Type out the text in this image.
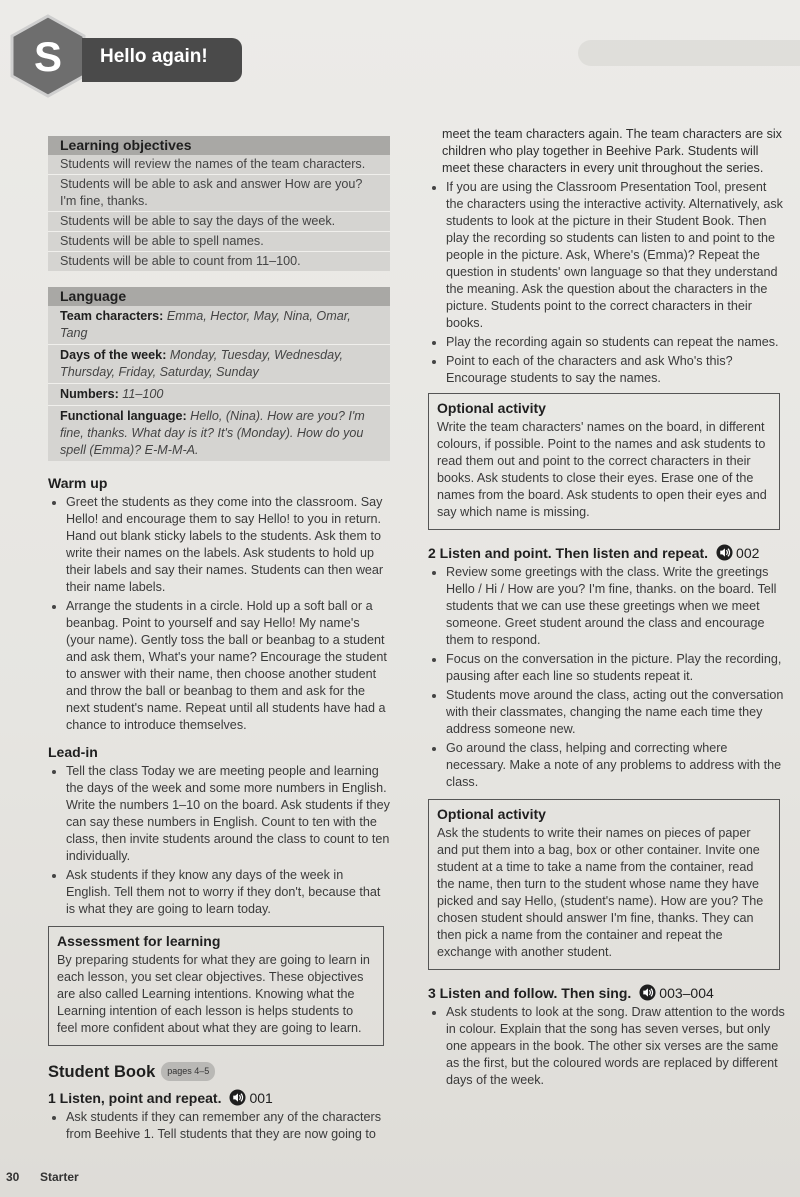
S Hello again!
Learning objectives
Students will review the names of the team characters.
Students will be able to ask and answer How are you? I'm fine, thanks.
Students will be able to say the days of the week.
Students will be able to spell names.
Students will be able to count from 11–100.
Language
Team characters: Emma, Hector, May, Nina, Omar, Tang
Days of the week: Monday, Tuesday, Wednesday, Thursday, Friday, Saturday, Sunday
Numbers: 11–100
Functional language: Hello, (Nina). How are you? I'm fine, thanks. What day is it? It's (Monday). How do you spell (Emma)? E-M-M-A.
Warm up
• Greet the students as they come into the classroom. Say Hello! and encourage them to say Hello! to you in return. Hand out blank sticky labels to the students. Ask them to write their names on the labels. Ask students to hold up their labels and say their names. Students can then wear their name labels.
• Arrange the students in a circle. Hold up a soft ball or a beanbag. Point to yourself and say Hello! My name's (your name). Gently toss the ball or beanbag to a student and ask them, What's your name? Encourage the student to answer with their name, then choose another student and throw the ball or beanbag to them and ask for the next student's name. Repeat until all students have had a chance to introduce themselves.
Lead-in
• Tell the class Today we are meeting people and learning the days of the week and some more numbers in English. Write the numbers 1–10 on the board. Ask students if they can say these numbers in English. Count to ten with the class, then invite students around the class to count to ten individually.
• Ask students if they know any days of the week in English. Tell them not to worry if they don't, because that is what they are going to learn today.
Assessment for learning

By preparing students for what they are going to learn in each lesson, you set clear objectives. These objectives are also called Learning intentions. Knowing what the Learning intention of each lesson is helps students to feel more confident about what they are going to learn.

Student Book pages 4–5
1 Listen, point and repeat. 001
• Ask students if they can remember any of the characters from Beehive 1. Tell students that they are now going to
meet the team characters again. The team characters are six children who play together in Beehive Park. Students will meet these characters in every unit throughout the series.
• If you are using the Classroom Presentation Tool, present the characters using the interactive activity. Alternatively, ask students to look at the picture in their Student Book. Then play the recording so students can listen to and point to the people in the picture. Ask, Where's (Emma)? Repeat the question in students' own language so that they understand the meaning. Ask the question about the characters in the picture. Students point to the correct characters in their books.
• Play the recording again so students can repeat the names.
• Point to each of the characters and ask Who's this? Encourage students to say the names.
Optional activity

Write the team characters' names on the board, in different colours, if possible. Point to the names and ask students to read them out and point to the correct characters in their books. Ask students to close their eyes. Erase one of the names from the board. Ask students to open their eyes and say which name is missing.

2 Listen and point. Then listen and repeat. 002
• Review some greetings with the class. Write the greetings Hello / Hi / How are you? I'm fine, thanks. on the board. Tell students that we can use these greetings when we meet someone. Greet student around the class and encourage them to respond.
• Focus on the conversation in the picture. Play the recording, pausing after each line so students repeat it.
• Students move around the class, acting out the conversation with their classmates, changing the name each time they address someone new.
• Go around the class, helping and correcting where necessary. Make a note of any problems to address with the class.
Optional activity

Ask the students to write their names on pieces of paper and put them into a bag, box or other container. Invite one student at a time to take a name from the container, read the name, then turn to the student whose name they have picked and say Hello, (student's name). How are you? The chosen student should answer I'm fine, thanks. They can then pick a name from the container and repeat the exchange with another student.

3 Listen and follow. Then sing. 003–004
• Ask students to look at the song. Draw attention to the words in colour. Explain that the song has seven verses, but only one appears in the book. The other six verses are the same as the first, but the coloured words are replaced by different days of the week.
30 Starter
